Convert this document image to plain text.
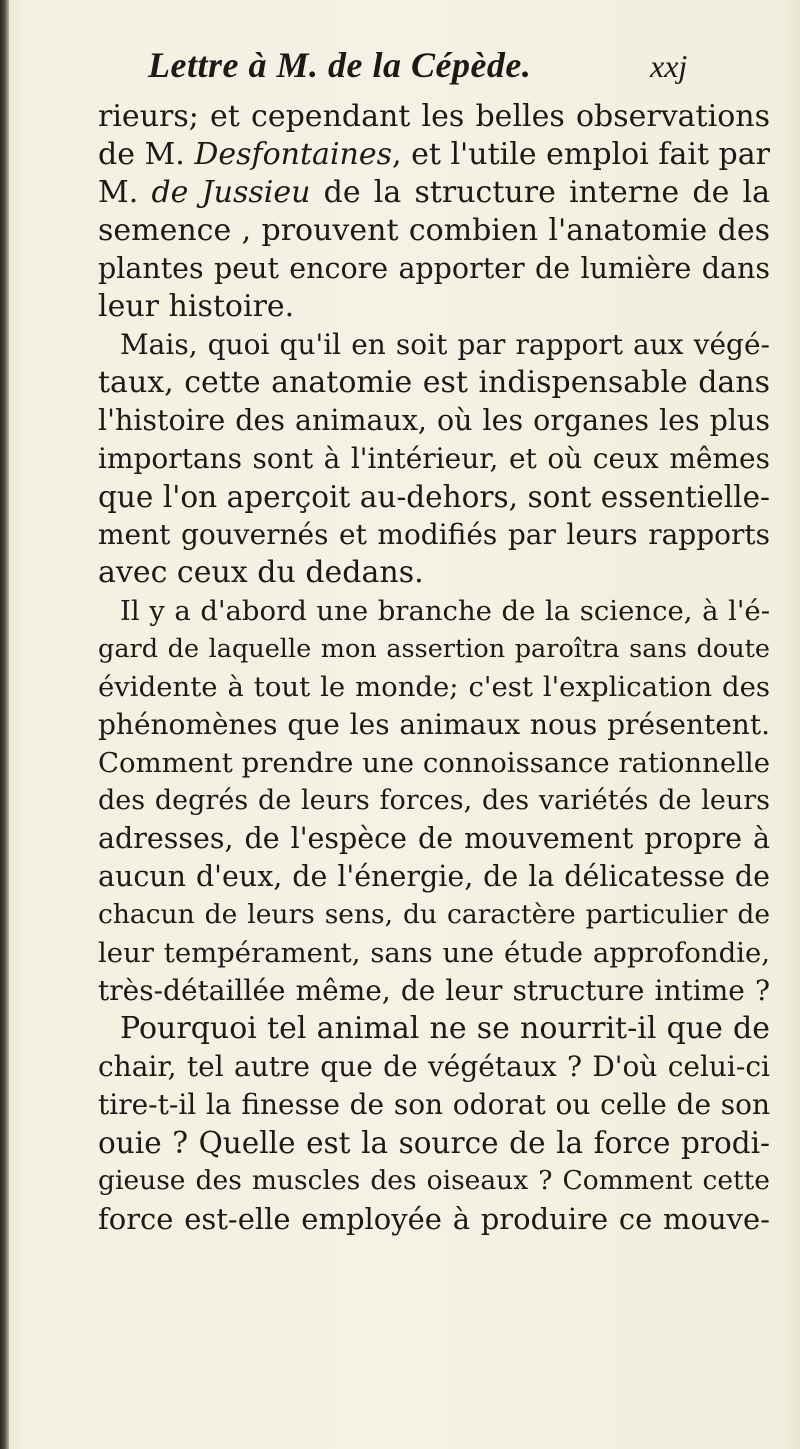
Lettre à M. de la Cépède.	xxj
rieurs; et cependant les belles observations
de M. Desfontaines, et l'utile emploi fait par
M. de Jussieu de la structure interne de la
semence , prouvent combien l'anatomie des
plantes peut encore apporter de lumière dans
leur histoire.
Mais, quoi qu'il en soit par rapport aux végé-
taux, cette anatomie est indispensable dans
l'histoire des animaux, où les organes les plus
importans sont à l'intérieur, et où ceux mêmes
que l'on aperçoit au-dehors, sont essentielle-
ment gouvernés et modifiés par leurs rapports
avec ceux du dedans.
Il y a d'abord une branche de la science, à l'é-
gard de laquelle mon assertion paroîtra sans doute
évidente à tout le monde; c'est l'explication des
phénomènes que les animaux nous présentent.
Comment prendre une connoissance rationnelle
des degrés de leurs forces, des variétés de leurs
adresses, de l'espèce de mouvement propre à
aucun d'eux, de l'énergie, de la délicatesse de
chacun de leurs sens, du caractère particulier de
leur tempérament, sans une étude approfondie,
très-détaillée même, de leur structure intime ?
Pourquoi tel animal ne se nourrit-il que de
chair, tel autre que de végétaux ? D'où celui-ci
tire-t-il la finesse de son odorat ou celle de son
ouie ? Quelle est la source de la force prodi-
gieuse des muscles des oiseaux ? Comment cette
force est-elle employée à produire ce mouve-
